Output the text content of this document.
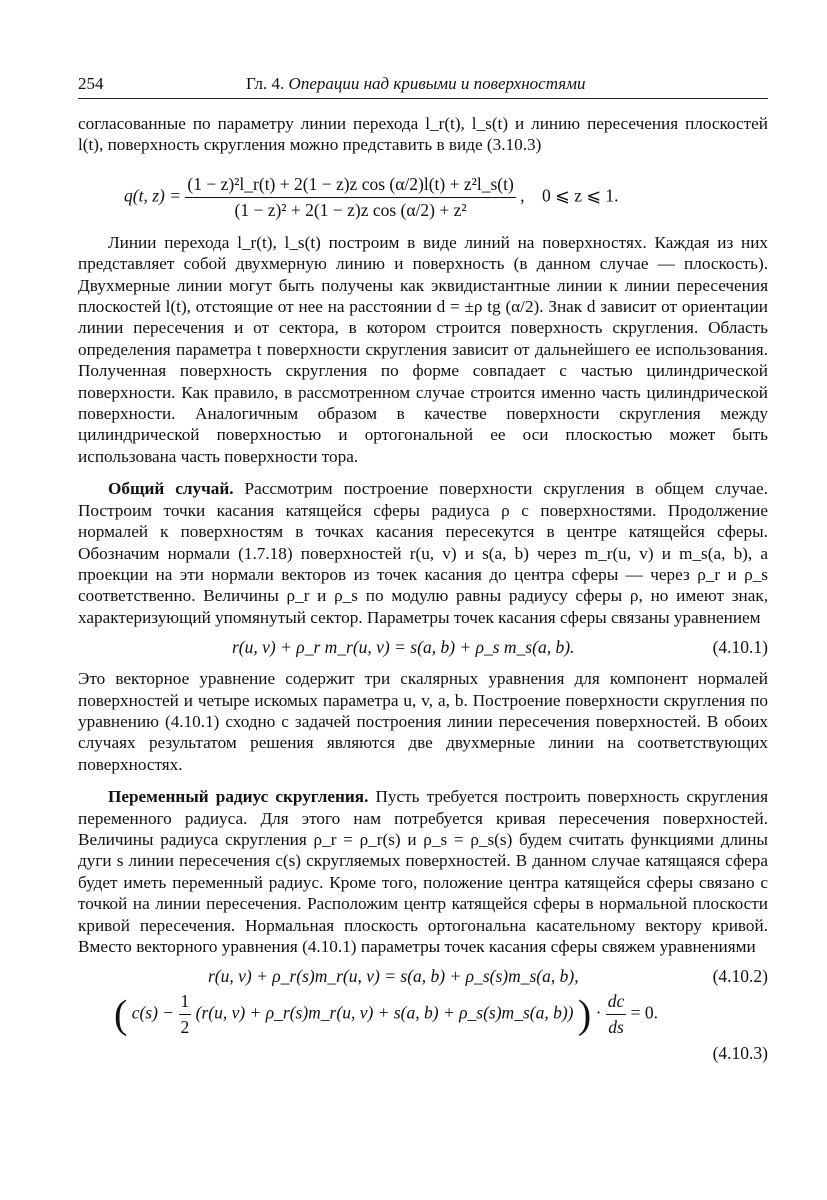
254	Гл. 4. Операции над кривыми и поверхностями

согласованные по параметру линии перехода l_r(t), l_s(t) и линию пересечения плоскостей l(t), поверхность скругления можно представить в виде (3.10.3)

q(t, $z) = \frac{\text{(1 − z)²l\_r(t) + 2(1 − z)z cos (α/2)l(t) + z²l\_s(t)}}{\text{(1 − z)² + 2(1 − z)z cos (α/2) + z²}}$ ,    0 ⩽ z ⩽ 1.

Линии перехода l_r(t), l_s(t) построим в виде линий на поверхностях. Каждая из них представляет собой двухмерную линию и поверхность (в данном случае — плоскость). Двухмерные линии могут быть получены как эквидистантные линии к линии пересечения плоскостей l(t), отстоящие от нее на расстоянии d = ±ρ tg (α/2). Знак d зависит от ориентации линии пересечения и от сектора, в котором строится поверхность скругления. Область определения параметра t поверхности скругления зависит от дальнейшего ее использования. Полученная поверхность скругления по форме совпадает с частью цилиндрической поверхности. Как правило, в рассмотренном случае строится именно часть цилиндрической поверхности. Аналогичным образом в качестве поверхности скругления между цилиндрической поверхностью и ортогональной ее оси плоскостью может быть использована часть поверхности тора.

Общий случай. Рассмотрим построение поверхности скругления в общем случае. Построим точки касания катящейся сферы радиуса ρ с поверхностями. Продолжение нормалей к поверхностям в точках касания пересекутся в центре катящейся сферы. Обозначим нормали (1.7.18) поверхностей r(u, v) и s(a, b) через m_r(u, v) и m_s(a, b), а проекции на эти нормали векторов из точек касания до центра сферы — через ρ_r и ρ_s соответственно. Величины ρ_r и ρ_s по модулю равны радиусу сферы ρ, но имеют знак, характеризующий упомянутый сектор. Параметры точек касания сферы связаны уравнением

r(u, v) + ρ_r m_r(u, v) = s(a, b) + ρ_s m_s(a, b).	(4.10.1)

Это векторное уравнение содержит три скалярных уравнения для компонент нормалей поверхностей и четыре искомых параметра u, v, a, b. Построение поверхности скругления по уравнению (4.10.1) сходно с задачей построения линии пересечения поверхностей. В обоих случаях результатом решения являются две двухмерные линии на соответствующих поверхностях.

Переменный радиус скругления. Пусть требуется построить поверхность скругления переменного радиуса. Для этого нам потребуется кривая пересечения поверхностей. Величины радиуса скругления ρ_r = ρ_r(s) и ρ_s = ρ_s(s) будем считать функциями длины дуги s линии пересечения c(s) скругляемых поверхностей. В данном случае катящаяся сфера будет иметь переменный радиус. Кроме того, положение центра катящейся сферы связано с точкой на линии пересечения. Расположим центр катящейся сферы в нормальной плоскости кривой пересечения. Нормальная плоскость ортогональна касательному вектору кривой. Вместо векторного уравнения (4.10.1) параметры точек касания сферы свяжем уравнениями

r(u, v) + ρ_r(s)m_r(u, v) = s(a, b) + ρ_s(s)m_s(a, b),	(4.10.2)
( $c(s) - \frac{1}{2} (r(u$, v) + ρ_r(s)m_r(u, v) + s(a, b) + ρ_s(s)m_s(a, b)) ) · $\frac{dc}{ds} = 0$.
(4.10.3)
